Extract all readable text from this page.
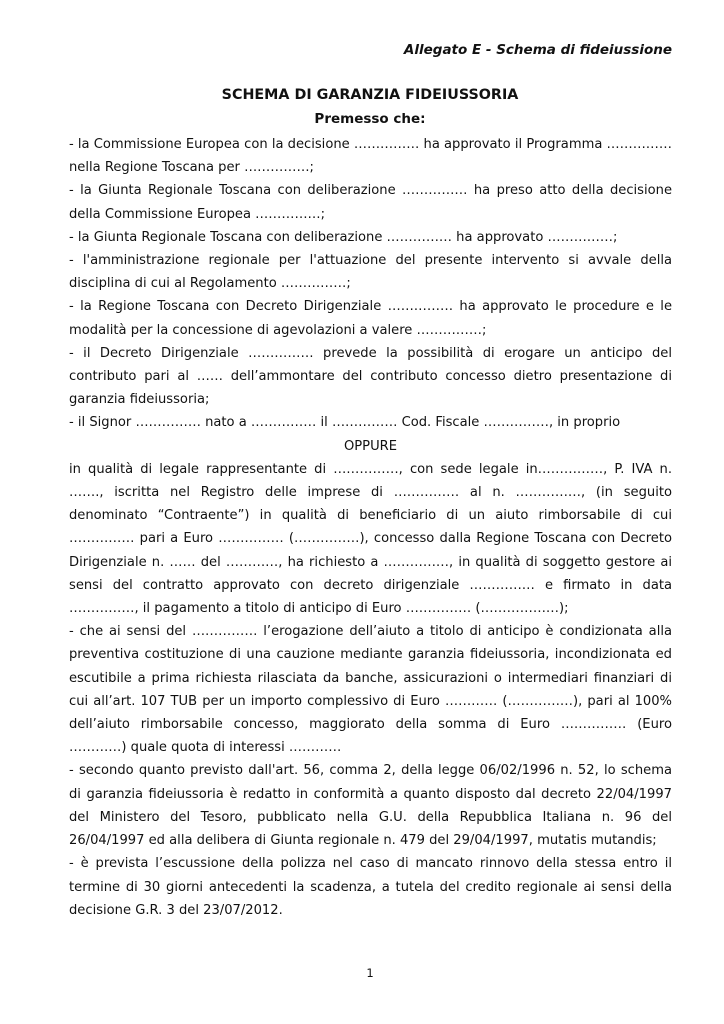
Allegato E - Schema di fideiussione
SCHEMA DI GARANZIA FIDEIUSSORIA
Premesso che:

- la Commissione Europea con la decisione …………… ha approvato il Programma …………… nella Regione Toscana per ……………;

- la Giunta Regionale Toscana con deliberazione …………… ha preso atto della decisione della Commissione Europea ……………;

- la Giunta Regionale Toscana con deliberazione …………… ha approvato ……………;

- l'amministrazione regionale per l'attuazione del presente intervento si avvale della disciplina di cui al Regolamento ……………;

- la Regione Toscana con Decreto Dirigenziale …………… ha approvato le procedure e le modalità per la concessione di agevolazioni a valere ……………;

- il Decreto Dirigenziale …………… prevede la possibilità di erogare un anticipo del contributo pari al …… dell’ammontare del contributo concesso dietro presentazione di garanzia fideiussoria;

- il Signor …………… nato a …………… il …………… Cod. Fiscale ……………, in proprio

OPPURE

in qualità di legale rappresentante di ……………, con sede legale in……………, P. IVA n. ……., iscritta nel Registro delle imprese di …………… al n. ……………, (in seguito denominato “Contraente”) in qualità di beneficiario di un aiuto rimborsabile di cui …………… pari a Euro …………… (……………), concesso dalla Regione Toscana con Decreto Dirigenziale n. …… del …………, ha richiesto a ……………, in qualità di soggetto gestore ai sensi del contratto approvato con decreto dirigenziale …………… e firmato in data ……………, il pagamento a titolo di anticipo di Euro …………… (………………);

- che ai sensi del …………… l’erogazione dell’aiuto a titolo di anticipo è condizionata alla preventiva costituzione di una cauzione mediante garanzia fideiussoria, incondizionata ed escutibile a prima richiesta rilasciata da banche, assicurazioni o intermediari finanziari di cui all’art. 107 TUB per un importo complessivo di Euro ………… (……………), pari al 100% dell’aiuto rimborsabile concesso, maggiorato della somma di Euro …………… (Euro …………) quale quota di interessi …………

- secondo quanto previsto dall'art. 56, comma 2, della legge 06/02/1996 n. 52, lo schema di garanzia fideiussoria è redatto in conformità a quanto disposto dal decreto 22/04/1997 del Ministero del Tesoro, pubblicato nella G.U. della Repubblica Italiana n. 96 del 26/04/1997 ed alla delibera di Giunta regionale n. 479 del 29/04/1997, mutatis mutandis;

- è prevista l’escussione della polizza nel caso di mancato rinnovo della stessa entro il termine di 30 giorni antecedenti la scadenza, a tutela del credito regionale ai sensi della decisione G.R. 3 del 23/07/2012.

1
